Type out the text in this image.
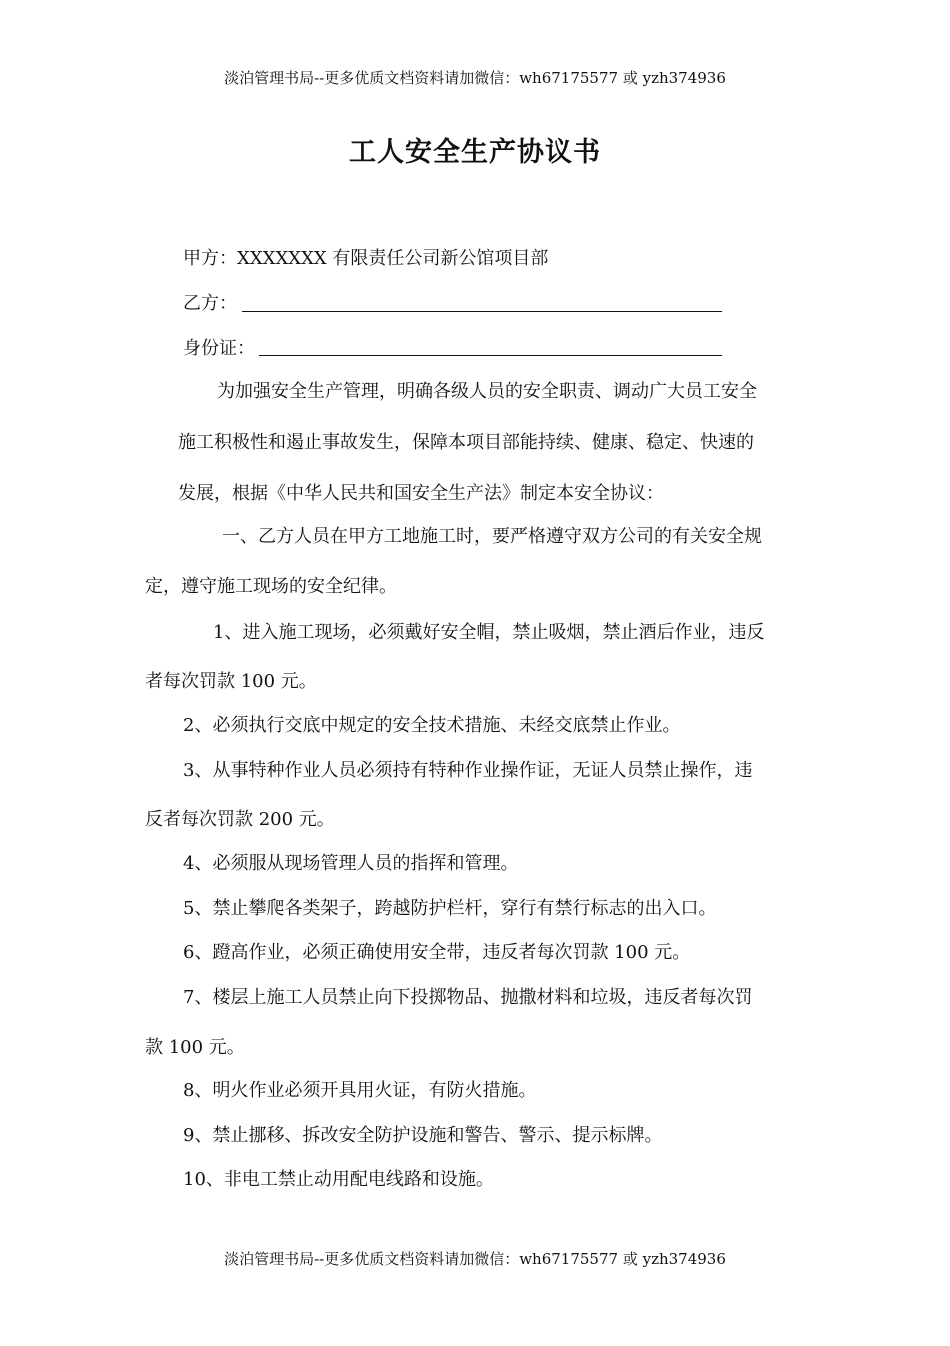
淡泊管理书局--更多优质文档资料请加微信：wh67175577 或 yzh374936
工人安全生产协议书
甲方：XXXXXXX 有限责任公司新公馆项目部
乙方：
身份证：
为加强安全生产管理，明确各级人员的安全职责、调动广大员工安全
施工积极性和遏止事故发生，保障本项目部能持续、健康、稳定、快速的
发展，根据《中华人民共和国安全生产法》制定本安全协议：
一、乙方人员在甲方工地施工时，要严格遵守双方公司的有关安全规
定，遵守施工现场的安全纪律。
1、进入施工现场，必须戴好安全帽，禁止吸烟，禁止酒后作业，违反
者每次罚款 100 元。
2、必须执行交底中规定的安全技术措施、未经交底禁止作业。
3、从事特种作业人员必须持有特种作业操作证，无证人员禁止操作，违
反者每次罚款 200 元。
4、必须服从现场管理人员的指挥和管理。
5、禁止攀爬各类架子，跨越防护栏杆，穿行有禁行标志的出入口。
6、蹬高作业，必须正确使用安全带，违反者每次罚款 100 元。
7、楼层上施工人员禁止向下投掷物品、抛撒材料和垃圾，违反者每次罚
款 100 元。
8、明火作业必须开具用火证，有防火措施。
9、禁止挪移、拆改安全防护设施和警告、警示、提示标牌。
10、非电工禁止动用配电线路和设施。
淡泊管理书局--更多优质文档资料请加微信：wh67175577 或 yzh374936
